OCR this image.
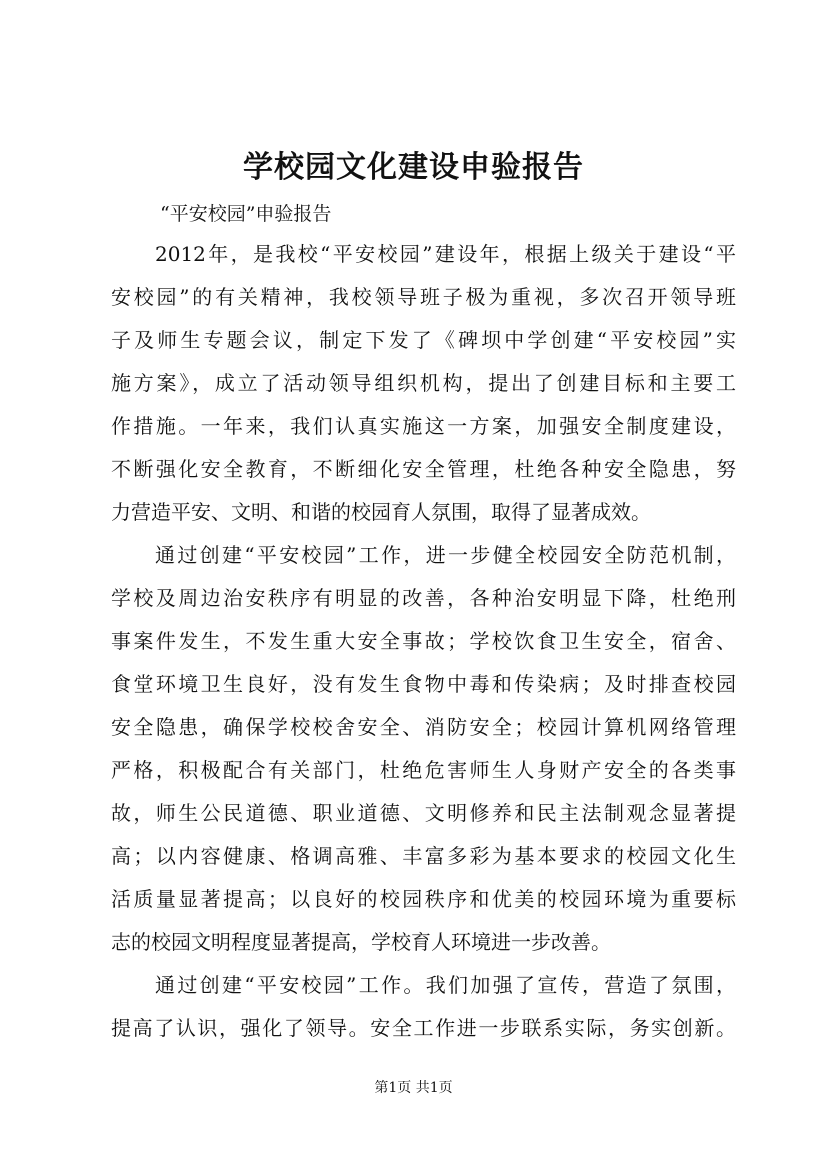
学校园文化建设申验报告

“平安校园”申验报告

2012年，是我校“平安校园”建设年，根据上级关于建设“平

安校园”的有关精神，我校领导班子极为重视，多次召开领导班

子及师生专题会议，制定下发了《碑坝中学创建“平安校园”实

施方案》，成立了活动领导组织机构，提出了创建目标和主要工

作措施。一年来，我们认真实施这一方案，加强安全制度建设，

不断强化安全教育，不断细化安全管理，杜绝各种安全隐患，努

力营造平安、文明、和谐的校园育人氛围，取得了显著成效。

通过创建“平安校园”工作，进一步健全校园安全防范机制，

学校及周边治安秩序有明显的改善，各种治安明显下降，杜绝刑

事案件发生，不发生重大安全事故；学校饮食卫生安全，宿舍、

食堂环境卫生良好，没有发生食物中毒和传染病；及时排查校园

安全隐患，确保学校校舍安全、消防安全；校园计算机网络管理

严格，积极配合有关部门，杜绝危害师生人身财产安全的各类事

故，师生公民道德、职业道德、文明修养和民主法制观念显著提

高；以内容健康、格调高雅、丰富多彩为基本要求的校园文化生

活质量显著提高；以良好的校园秩序和优美的校园环境为重要标

志的校园文明程度显著提高，学校育人环境进一步改善。

通过创建“平安校园”工作。我们加强了宣传，营造了氛围，

提高了认识，强化了领导。安全工作进一步联系实际，务实创新。

第1页 共1页
